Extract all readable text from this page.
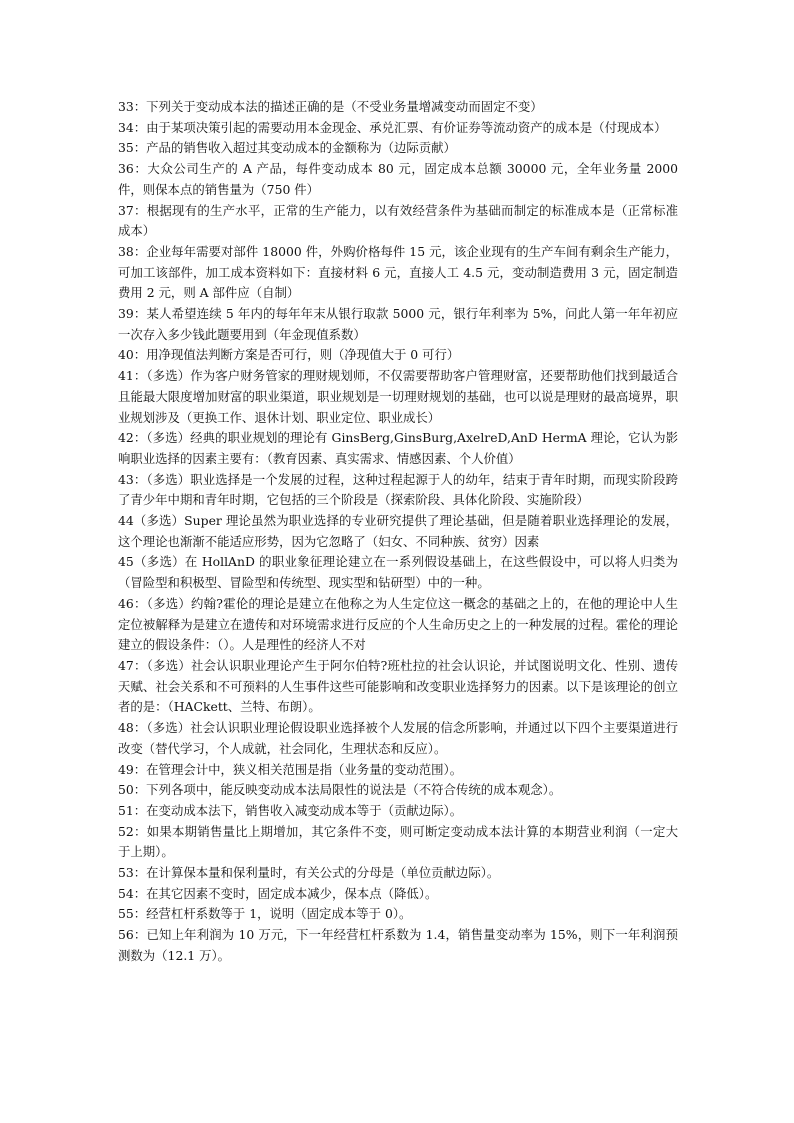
33：下列关于变动成本法的描述正确的是（不受业务量增减变动而固定不变）

34：由于某项决策引起的需要动用本金现金、承兑汇票、有价证券等流动资产的成本是（付现成本）

35：产品的销售收入超过其变动成本的金额称为（边际贡献）

36：大众公司生产的 A 产品，每件变动成本 80 元，固定成本总额 30000 元，全年业务量 2000 件，则保本点的销售量为（750 件）

37：根据现有的生产水平，正常的生产能力，以有效经营条件为基础而制定的标准成本是（正常标准成本）

38：企业每年需要对部件 18000 件，外购价格每件 15 元，该企业现有的生产车间有剩余生产能力，可加工该部件，加工成本资料如下：直接材料 6 元，直接人工 4.5 元，变动制造费用 3 元，固定制造费用 2 元，则 A 部件应（自制）

39：某人希望连续 5 年内的每年年末从银行取款 5000 元，银行年利率为 5%，问此人第一年年初应一次存入多少钱此题要用到（年金现值系数）

40：用净现值法判断方案是否可行，则（净现值大于 0 可行）

41：（多选）作为客户财务管家的理财规划师，不仅需要帮助客户管理财富，还要帮助他们找到最适合且能最大限度增加财富的职业渠道，职业规划是一切理财规划的基础，也可以说是理财的最高境界，职业规划涉及（更换工作、退休计划、职业定位、职业成长）

42：（多选）经典的职业规划的理论有 GinsBerg,GinsBurg,AxelreD,AnD HermA 理论，它认为影响职业选择的因素主要有：（教育因素、真实需求、情感因素、个人价值）

43：（多选）职业选择是一个发展的过程，这种过程起源于人的幼年，结束于青年时期，而现实阶段跨了青少年中期和青年时期，它包括的三个阶段是（探索阶段、具体化阶段、实施阶段）

44（多选）Super 理论虽然为职业选择的专业研究提供了理论基础，但是随着职业选择理论的发展，这个理论也渐渐不能适应形势，因为它忽略了（妇女、不同种族、贫穷）因素

45（多选）在 HollAnD 的职业象征理论建立在一系列假设基础上，在这些假设中，可以将人归类为（冒险型和积极型、冒险型和传统型、现实型和钻研型）中的一种。

46：（多选）约翰?霍伦的理论是建立在他称之为人生定位这一概念的基础之上的，在他的理论中人生定位被解释为是建立在遗传和对环境需求进行反应的个人生命历史之上的一种发展的过程。霍伦的理论建立的假设条件：（）。人是理性的经济人不对

47：（多选）社会认识职业理论产生于阿尔伯特?班杜拉的社会认识论，并试图说明文化、性别、遗传天赋、社会关系和不可预料的人生事件这些可能影响和改变职业选择努力的因素。以下是该理论的创立者的是：（HACkett、兰特、布朗）。

48：（多选）社会认识职业理论假设职业选择被个人发展的信念所影响，并通过以下四个主要渠道进行改变（替代学习，个人成就，社会同化，生理状态和反应）。

49：在管理会计中，狭义相关范围是指（业务量的变动范围）。

50：下列各项中，能反映变动成本法局限性的说法是（不符合传统的成本观念）。

51：在变动成本法下，销售收入减变动成本等于（贡献边际）。

52：如果本期销售量比上期增加，其它条件不变，则可断定变动成本法计算的本期营业利润（一定大于上期）。

53：在计算保本量和保利量时，有关公式的分母是（单位贡献边际）。

54：在其它因素不变时，固定成本减少，保本点（降低）。

55：经营杠杆系数等于 1，说明（固定成本等于 0）。

56：已知上年利润为 10 万元，下一年经营杠杆系数为 1.4，销售量变动率为 15%，则下一年利润预测数为（12.1 万）。
